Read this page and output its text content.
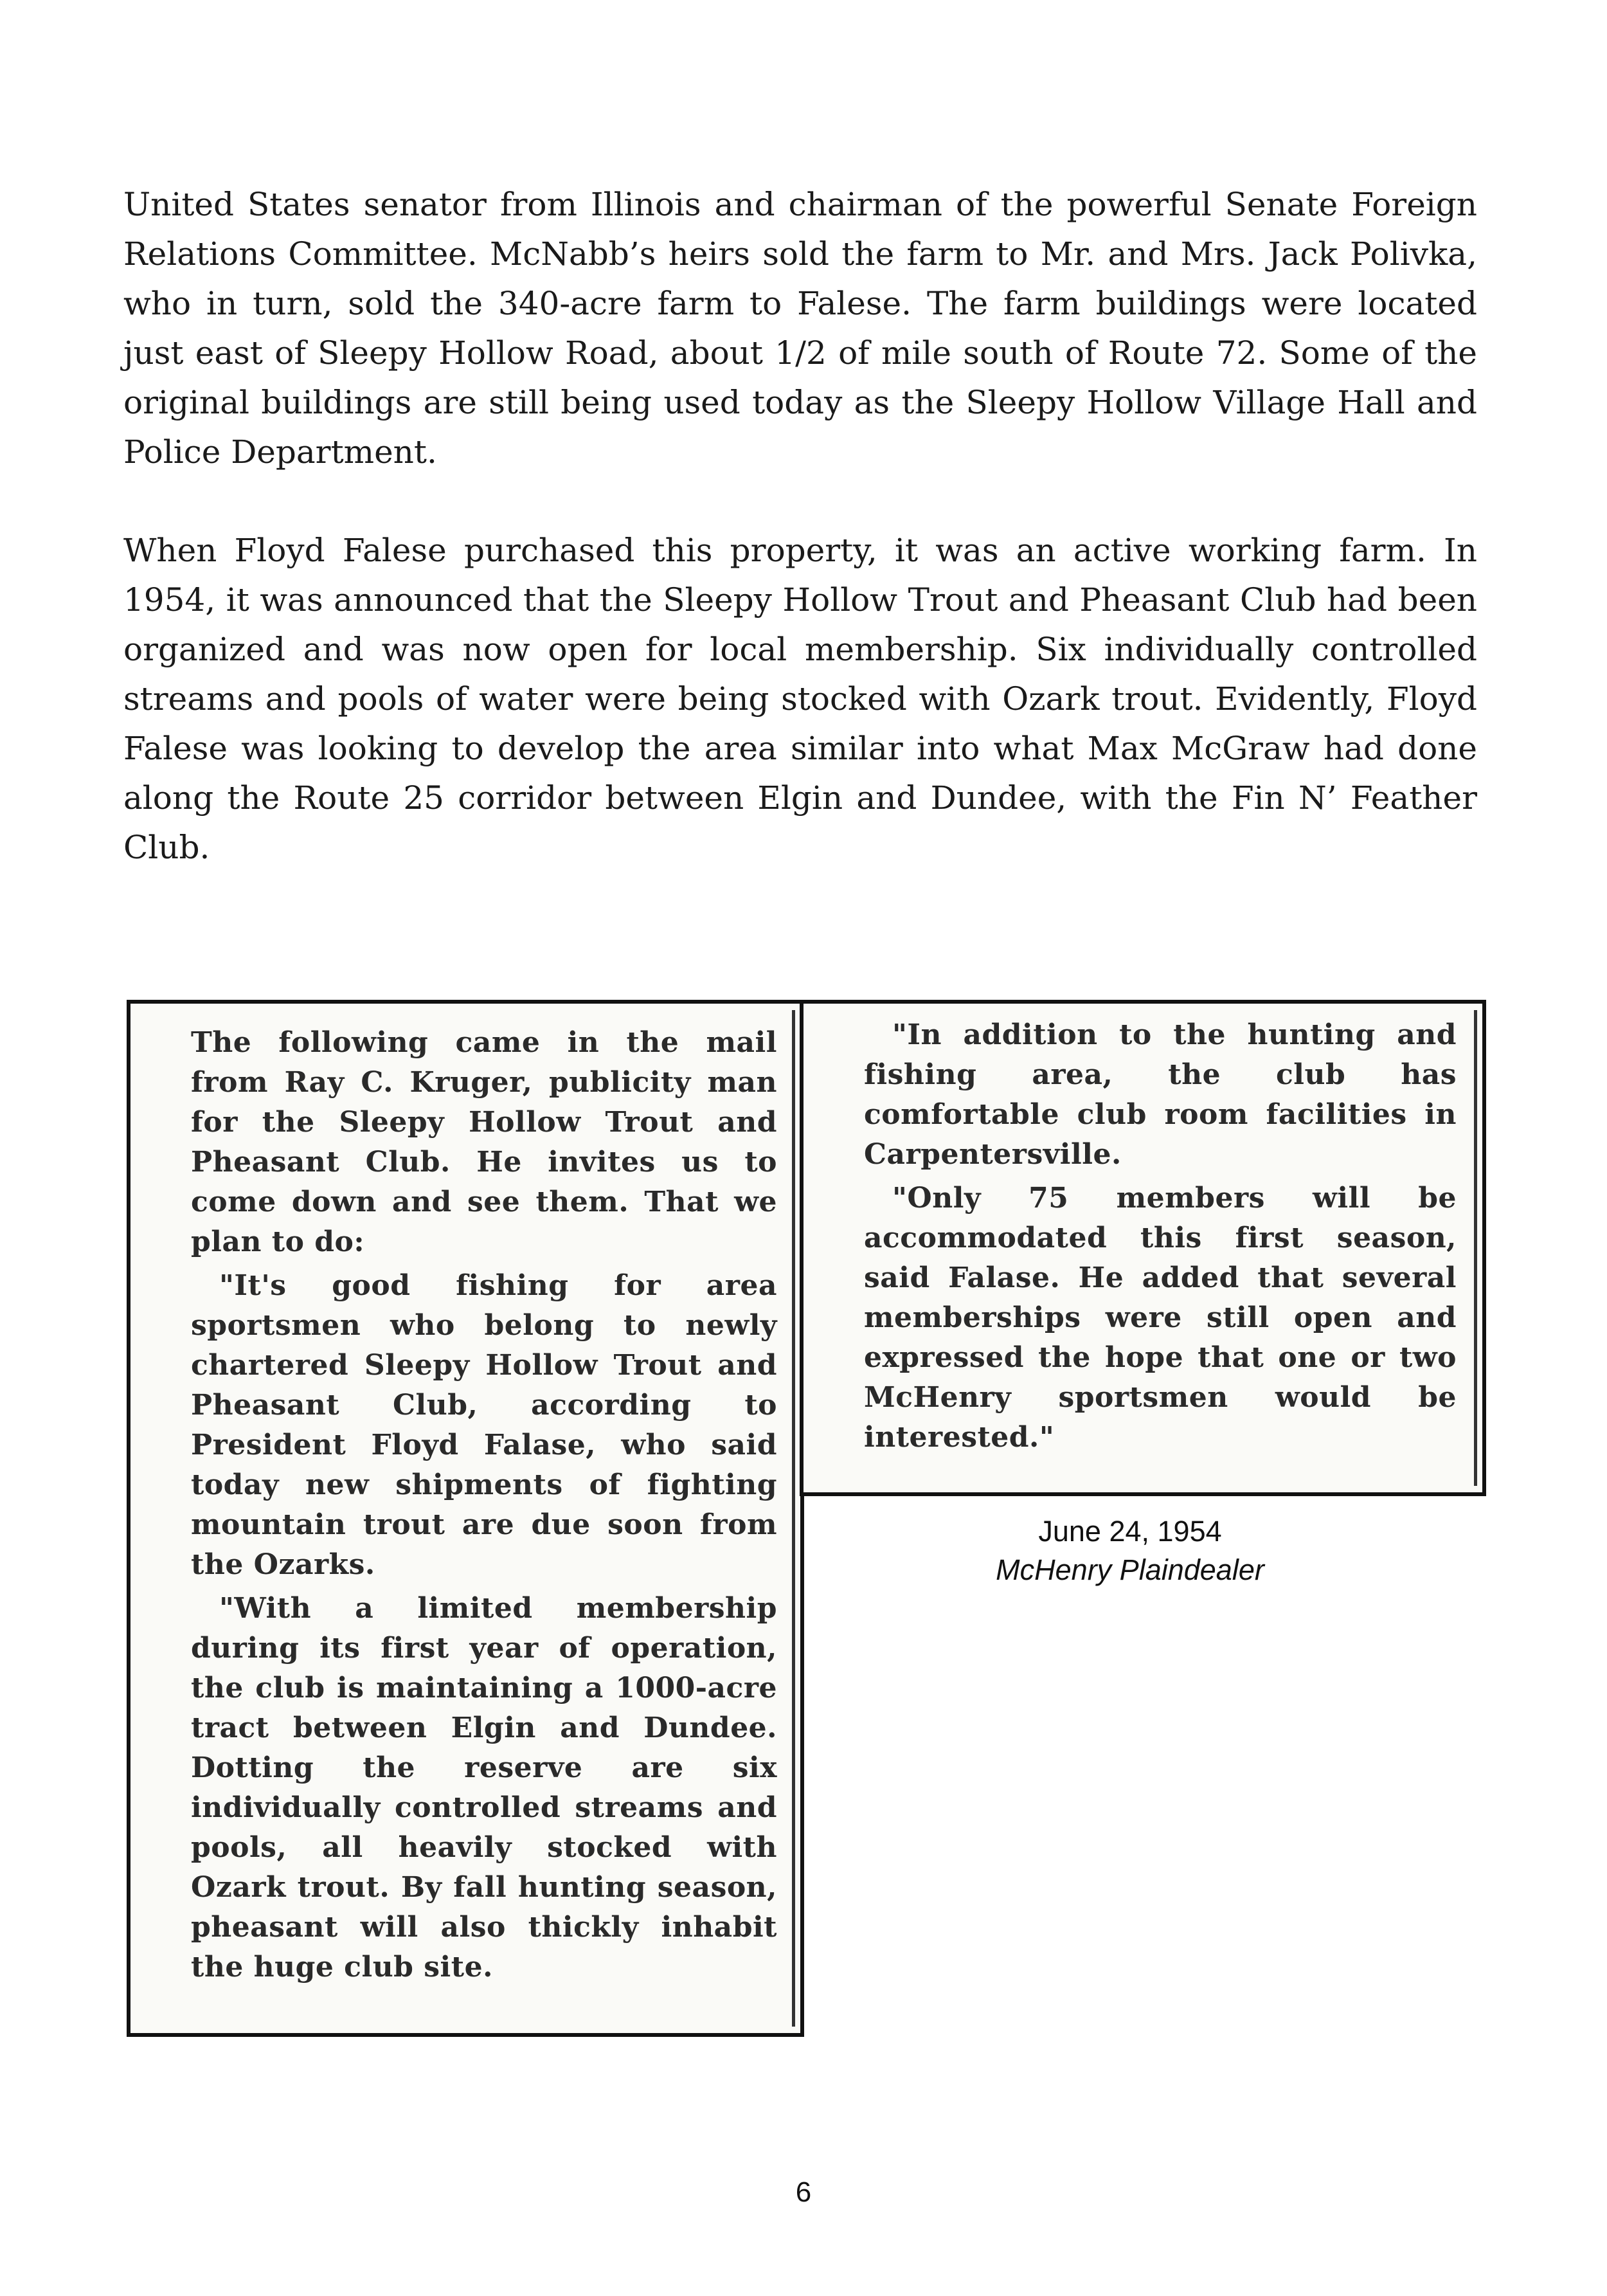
United States senator from Illinois and chairman of the powerful Senate Foreign Relations Committee. McNabb’s heirs sold the farm to Mr. and Mrs. Jack Polivka, who in turn, sold the 340-acre farm to Falese. The farm buildings were located just east of Sleepy Hollow Road, about 1/2 of mile south of Route 72. Some of the original buildings are still being used today as the Sleepy Hollow Village Hall and Police Department.

When Floyd Falese purchased this property, it was an active working farm. In 1954, it was announced that the Sleepy Hollow Trout and Pheasant Club had been organized and was now open for local membership. Six individually controlled streams and pools of water were being stocked with Ozark trout. Evidently, Floyd Falese was looking to develop the area similar into what Max McGraw had done along the Route 25 corridor between Elgin and Dundee, with the Fin N’ Feather Club.

The following came in the mail from Ray C. Kruger, publicity man for the Sleepy Hollow Trout and Pheasant Club. He invites us to come down and see them. That we plan to do:

"It's good fishing for area sportsmen who belong to newly chartered Sleepy Hollow Trout and Pheasant Club, according to President Floyd Falase, who said today new shipments of fighting mountain trout are due soon from the Ozarks.

"With a limited membership during its first year of operation, the club is maintaining a 1000-acre tract between Elgin and Dundee. Dotting the reserve are six individually controlled streams and pools, all heavily stocked with Ozark trout. By fall hunting season, pheasant will also thickly inhabit the huge club site.

"In addition to the hunting and fishing area, the club has comfortable club room facilities in Carpentersville.

"Only 75 members will be accommodated this first season, said Falase. He added that several memberships were still open and expressed the hope that one or two McHenry sportsmen would be interested."

June 24, 1954
McHenry Plaindealer
6
